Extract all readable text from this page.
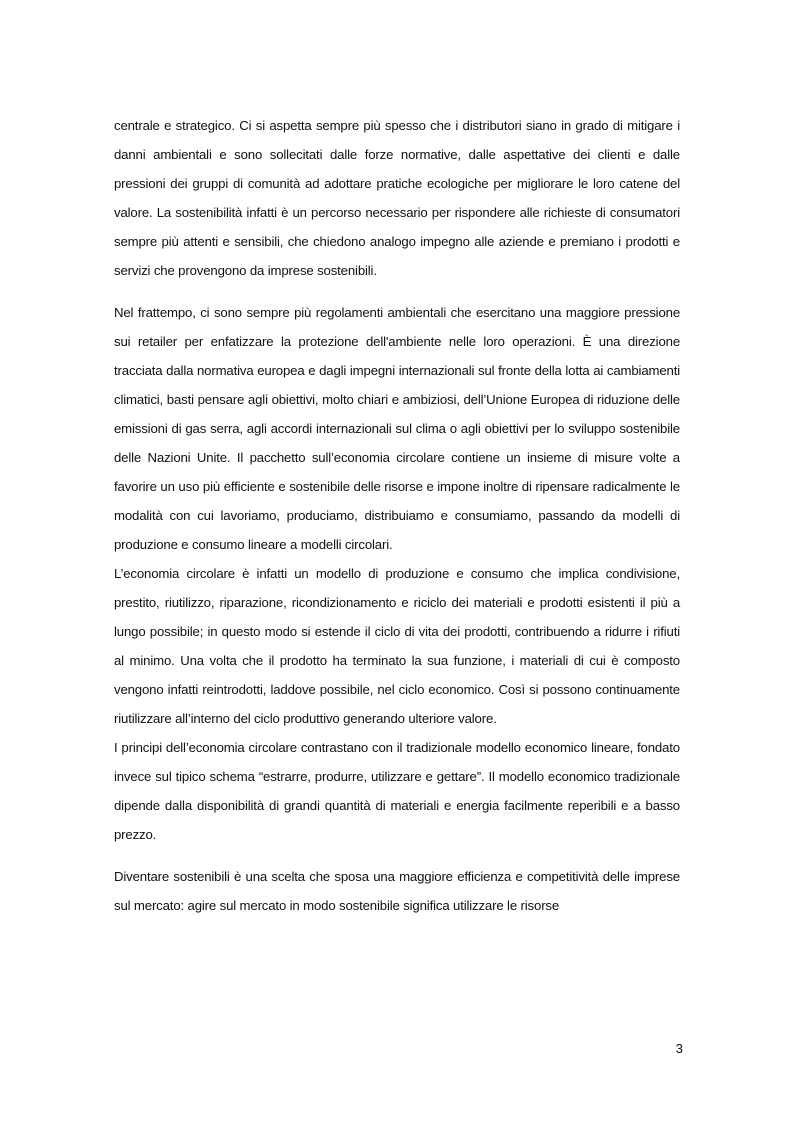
centrale e strategico. Ci si aspetta sempre più spesso che i distributori siano in grado di mitigare i danni ambientali e sono sollecitati dalle forze normative, dalle aspettative dei clienti e dalle pressioni dei gruppi di comunità ad adottare pratiche ecologiche per migliorare le loro catene del valore. La sostenibilità infatti è un percorso necessario per rispondere alle richieste di consumatori sempre più attenti e sensibili, che chiedono analogo impegno alle aziende e premiano i prodotti e servizi che provengono da imprese sostenibili.

Nel frattempo, ci sono sempre più regolamenti ambientali che esercitano una maggiore pressione sui retailer per enfatizzare la protezione dell'ambiente nelle loro operazioni. È una direzione tracciata dalla normativa europea e dagli impegni internazionali sul fronte della lotta ai cambiamenti climatici, basti pensare agli obiettivi, molto chiari e ambiziosi, dell’Unione Europea di riduzione delle emissioni di gas serra, agli accordi internazionali sul clima o agli obiettivi per lo sviluppo sostenibile delle Nazioni Unite. Il pacchetto sull’economia circolare contiene un insieme di misure volte a favorire un uso più efficiente e sostenibile delle risorse e impone inoltre di ripensare radicalmente le modalità con cui lavoriamo, produciamo, distribuiamo e consumiamo, passando da modelli di produzione e consumo lineare a modelli circolari.

L’economia circolare è infatti un modello di produzione e consumo che implica condivisione, prestito, riutilizzo, riparazione, ricondizionamento e riciclo dei materiali e prodotti esistenti il più a lungo possibile; in questo modo si estende il ciclo di vita dei prodotti, contribuendo a ridurre i rifiuti al minimo. Una volta che il prodotto ha terminato la sua funzione, i materiali di cui è composto vengono infatti reintrodotti, laddove possibile, nel ciclo economico. Così si possono continuamente riutilizzare all’interno del ciclo produttivo generando ulteriore valore.

I principi dell’economia circolare contrastano con il tradizionale modello economico lineare, fondato invece sul tipico schema “estrarre, produrre, utilizzare e gettare”. Il modello economico tradizionale dipende dalla disponibilità di grandi quantità di materiali e energia facilmente reperibili e a basso prezzo.

Diventare sostenibili è una scelta che sposa una maggiore efficienza e competitività delle imprese sul mercato: agire sul mercato in modo sostenibile significa utilizzare le risorse

3
